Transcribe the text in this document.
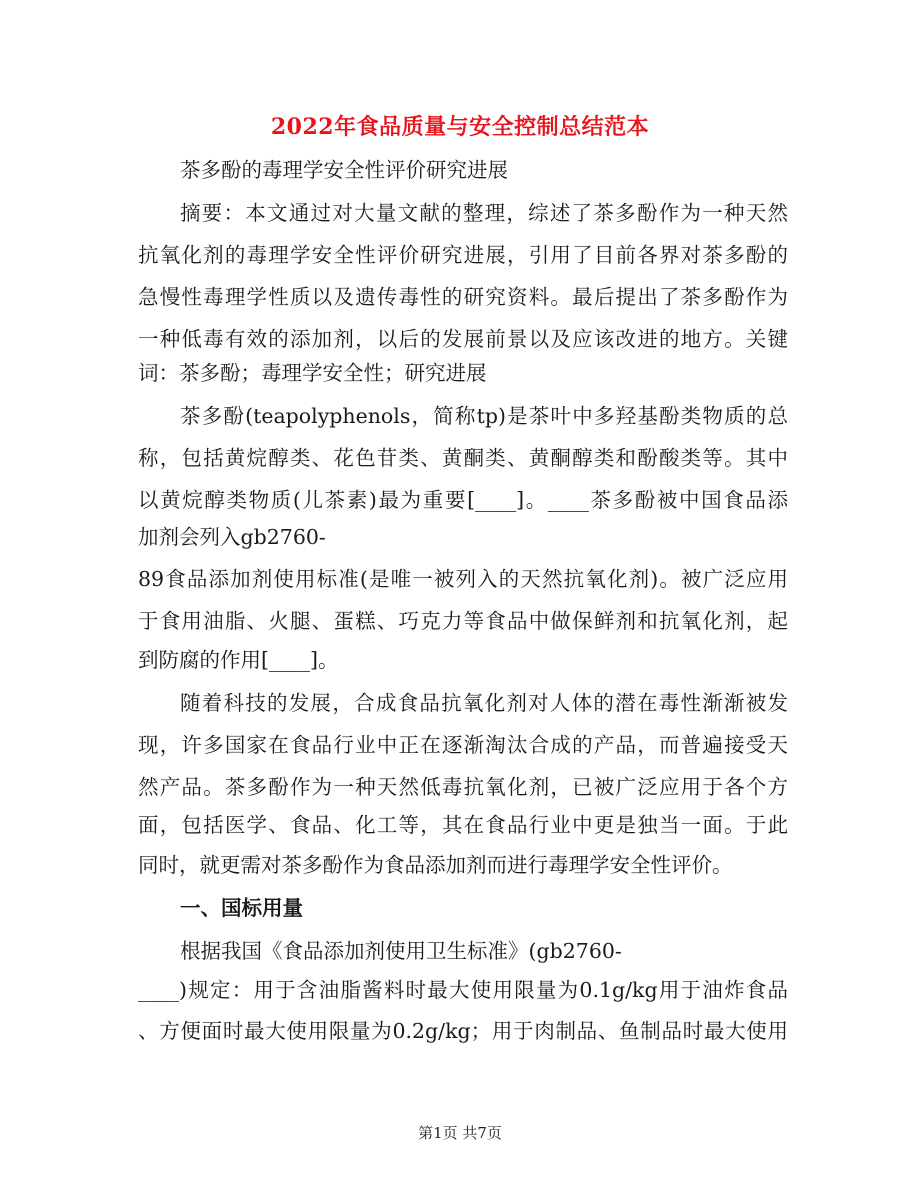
2022年食品质量与安全控制总结范本
茶多酚的毒理学安全性评价研究进展
摘要：本文通过对大量文献的整理，综述了茶多酚作为一种天然
抗氧化剂的毒理学安全性评价研究进展，引用了目前各界对茶多酚的
急慢性毒理学性质以及遗传毒性的研究资料。最后提出了茶多酚作为
一种低毒有效的添加剂，以后的发展前景以及应该改进的地方。关键
词：茶多酚；毒理学安全性；研究进展
茶多酚(teapolyphenols，简称tp)是茶叶中多羟基酚类物质的总
称，包括黄烷醇类、花色苷类、黄酮类、黄酮醇类和酚酸类等。其中
以黄烷醇类物质(儿茶素)最为重要[____]。____茶多酚被中国食品添
加剂会列入gb2760-
89食品添加剂使用标准(是唯一被列入的天然抗氧化剂)。被广泛应用
于食用油脂、火腿、蛋糕、巧克力等食品中做保鲜剂和抗氧化剂，起
到防腐的作用[____]。
随着科技的发展，合成食品抗氧化剂对人体的潜在毒性渐渐被发
现，许多国家在食品行业中正在逐渐淘汰合成的产品，而普遍接受天
然产品。茶多酚作为一种天然低毒抗氧化剂，已被广泛应用于各个方
面，包括医学、食品、化工等，其在食品行业中更是独当一面。于此
同时，就更需对茶多酚作为食品添加剂而进行毒理学安全性评价。
一、国标用量
根据我国《食品添加剂使用卫生标准》(gb2760-
____)规定：用于含油脂酱料时最大使用限量为0.1g/kg用于油炸食品
、方便面时最大使用限量为0.2g/kg；用于肉制品、鱼制品时最大使用
第1页 共7页
